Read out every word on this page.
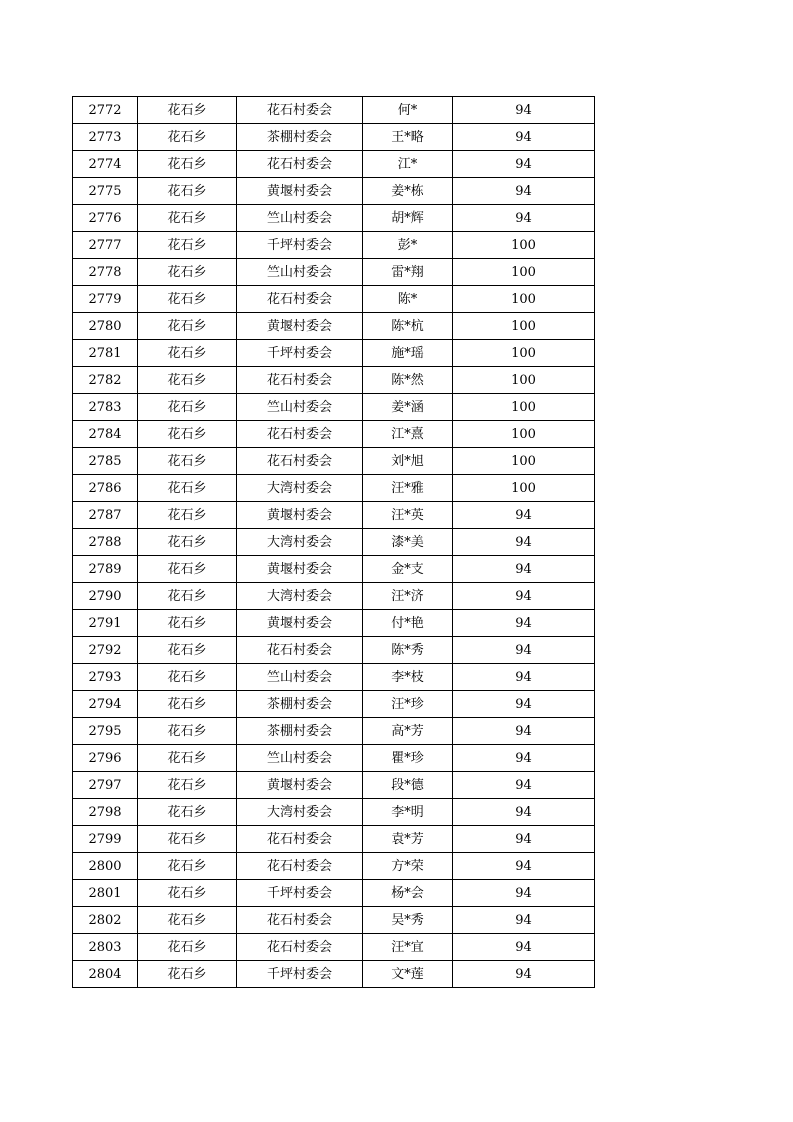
2772	花石乡	花石村委会	何*	94
2773	花石乡	茶棚村委会	王*略	94
2774	花石乡	花石村委会	江*	94
2775	花石乡	黄堰村委会	姜*栋	94
2776	花石乡	竺山村委会	胡*辉	94
2777	花石乡	千坪村委会	彭*	100
2778	花石乡	竺山村委会	雷*翔	100
2779	花石乡	花石村委会	陈*	100
2780	花石乡	黄堰村委会	陈*杭	100
2781	花石乡	千坪村委会	施*瑶	100
2782	花石乡	花石村委会	陈*然	100
2783	花石乡	竺山村委会	姜*涵	100
2784	花石乡	花石村委会	江*熹	100
2785	花石乡	花石村委会	刘*旭	100
2786	花石乡	大湾村委会	汪*雅	100
2787	花石乡	黄堰村委会	汪*英	94
2788	花石乡	大湾村委会	漆*美	94
2789	花石乡	黄堰村委会	金*支	94
2790	花石乡	大湾村委会	汪*济	94
2791	花石乡	黄堰村委会	付*艳	94
2792	花石乡	花石村委会	陈*秀	94
2793	花石乡	竺山村委会	李*枝	94
2794	花石乡	茶棚村委会	汪*珍	94
2795	花石乡	茶棚村委会	高*芳	94
2796	花石乡	竺山村委会	瞿*珍	94
2797	花石乡	黄堰村委会	段*德	94
2798	花石乡	大湾村委会	李*明	94
2799	花石乡	花石村委会	袁*芳	94
2800	花石乡	花石村委会	方*荣	94
2801	花石乡	千坪村委会	杨*会	94
2802	花石乡	花石村委会	吴*秀	94
2803	花石乡	花石村委会	汪*宜	94
2804	花石乡	千坪村委会	文*莲	94
